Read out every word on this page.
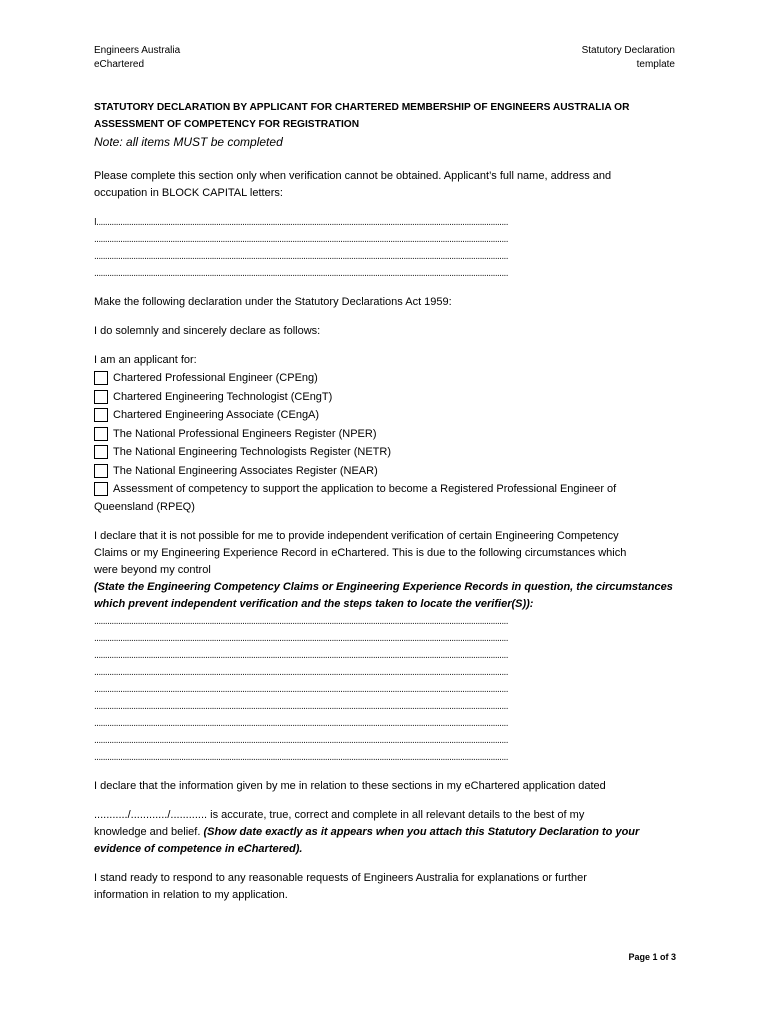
Engineers Australia
eChartered
Statutory Declaration
template
STATUTORY DECLARATION BY APPLICANT FOR CHARTERED MEMBERSHIP OF ENGINEERS AUSTRALIA OR
ASSESSMENT OF COMPETENCY FOR REGISTRATION
Note: all items MUST be completed
Please complete this section only when verification cannot be obtained. Applicant’s full name, address and
occupation in BLOCK CAPITAL letters:
I.............................................................................................................................................................................................
..............................................................................................................................................................................................
..............................................................................................................................................................................................
..............................................................................................................................................................................................
Make the following declaration under the Statutory Declarations Act 1959:
I do solemnly and sincerely declare as follows:
I am an applicant for:
Chartered Professional Engineer (CPEng)
Chartered Engineering Technologist (CEngT)
Chartered Engineering Associate (CEngA)
The National Professional Engineers Register (NPER)
The National Engineering Technologists Register (NETR)
The National Engineering Associates Register (NEAR)
Assessment of competency to support the application to become a Registered Professional Engineer of
Queensland (RPEQ)
I declare that it is not possible for me to provide independent verification of certain Engineering Competency
Claims or my Engineering Experience Record in eChartered. This is due to the following circumstances which
were beyond my control
(State the Engineering Competency Claims or Engineering Experience Records in question, the circumstances
which prevent independent verification and the steps taken to locate the verifier(S)):
..............................................................................................................................................................................................
..............................................................................................................................................................................................
..............................................................................................................................................................................................
..............................................................................................................................................................................................
..............................................................................................................................................................................................
..............................................................................................................................................................................................
..............................................................................................................................................................................................
..............................................................................................................................................................................................
..............................................................................................................................................................................................
I declare that the information given by me in relation to these sections in my eChartered application dated
.........../............/............ is accurate, true, correct and complete in all relevant details to the best of my
knowledge and belief. (Show date exactly as it appears when you attach this Statutory Declaration to your
evidence of competence in eChartered).
I stand ready to respond to any reasonable requests of Engineers Australia for explanations or further
information in relation to my application.
Page 1 of 3
